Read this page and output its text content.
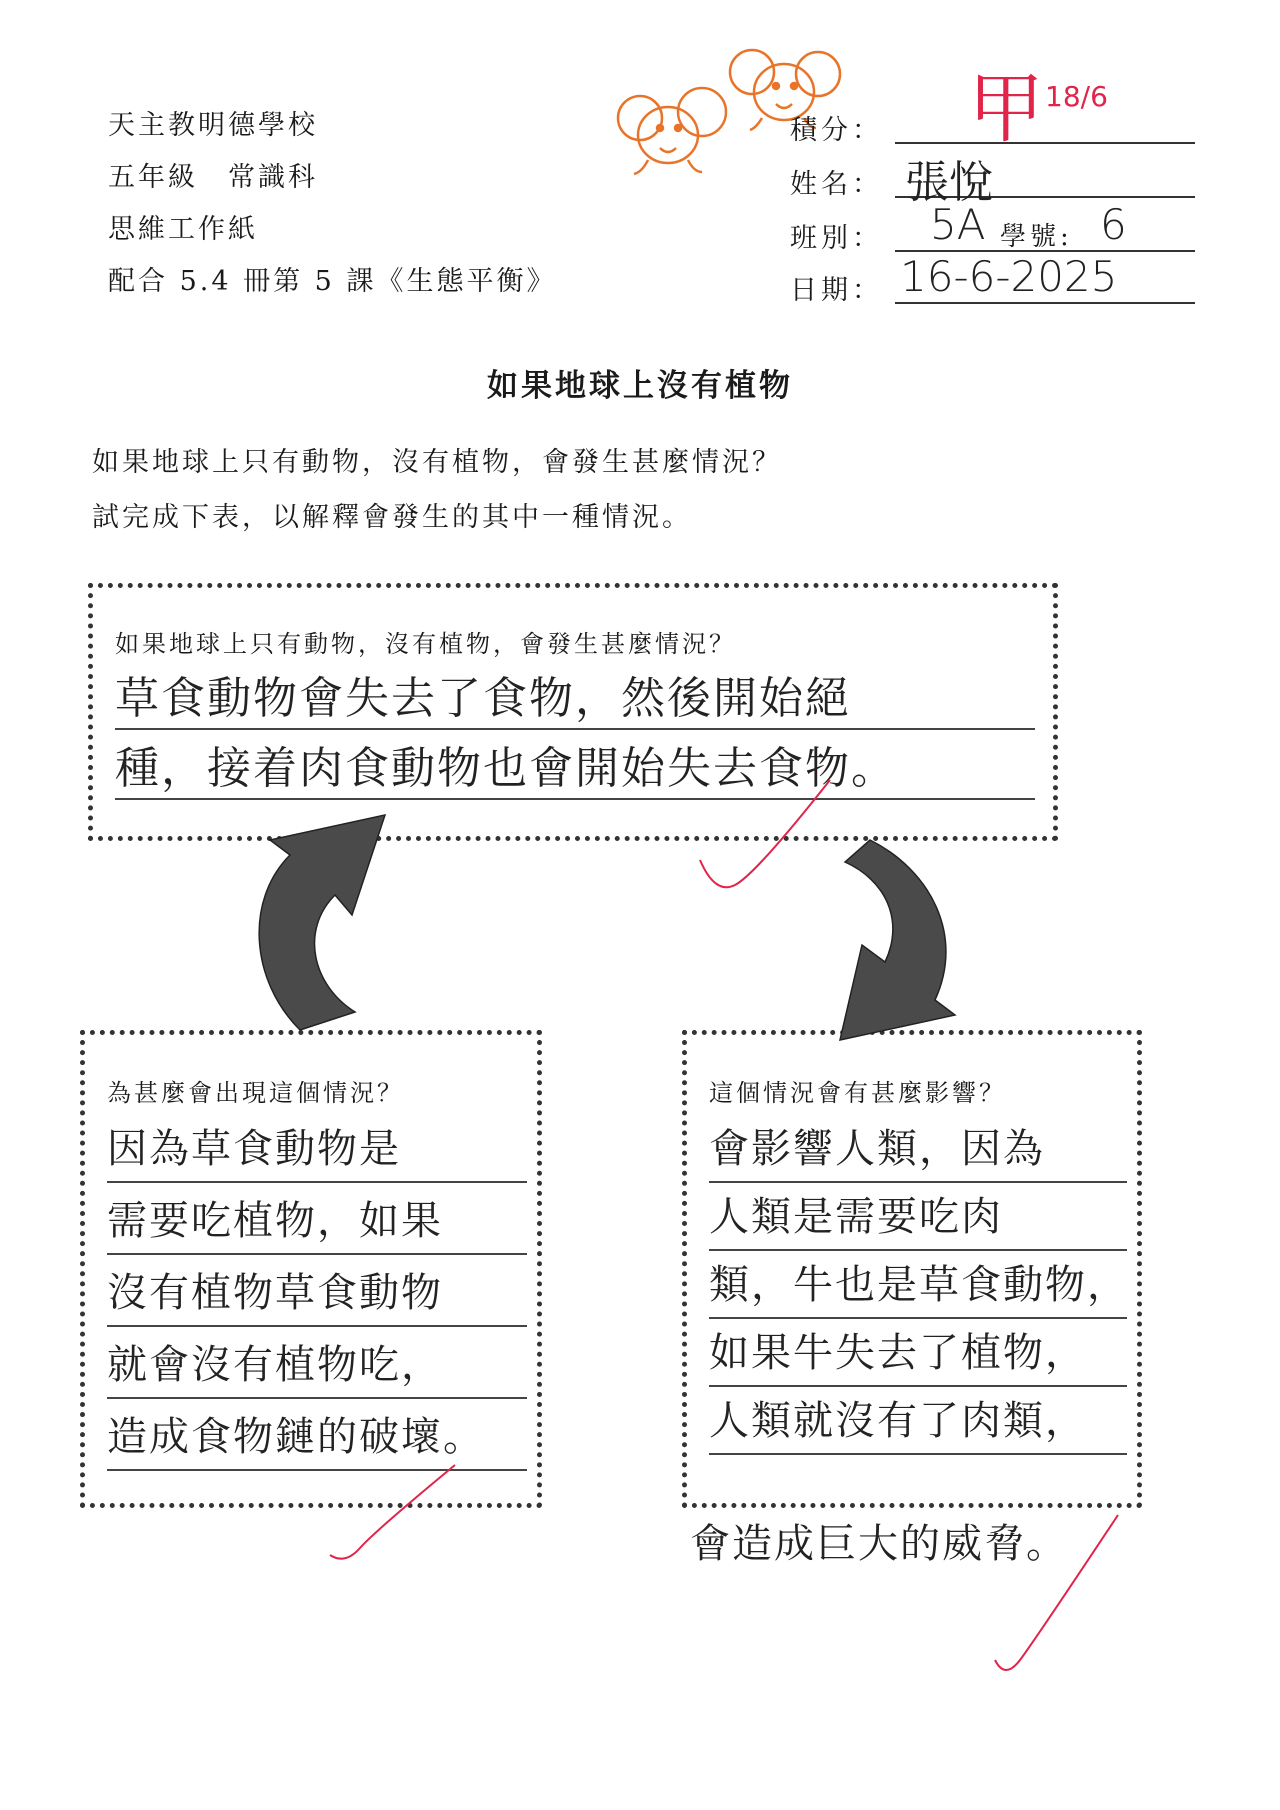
天主教明德學校
五年級　常識科
思維工作紙
配合 5.4 冊第 5 課《生態平衡》
積分： 甲 18/6
姓名： 張悅
班別： 5A 學號: 6
日期： 16-6-2025
如果地球上沒有植物
如果地球上只有動物，沒有植物，會發生甚麼情況？
試完成下表，以解釋會發生的其中一種情況。
如果地球上只有動物，沒有植物，會發生甚麼情況？
草食動物會失去了食物，然後開始絕
種，接着肉食動物也會開始失去食物。
為甚麼會出現這個情況？
因為草食動物是
需要吃植物，如果
沒有植物草食動物
就會沒有植物吃，
造成食物鏈的破壞。
這個情況會有甚麼影響？
會影響人類，因為
人類是需要吃肉
類，牛也是草食動物，
如果牛失去了植物，
人類就沒有了肉類，
會造成巨大的威脅。
